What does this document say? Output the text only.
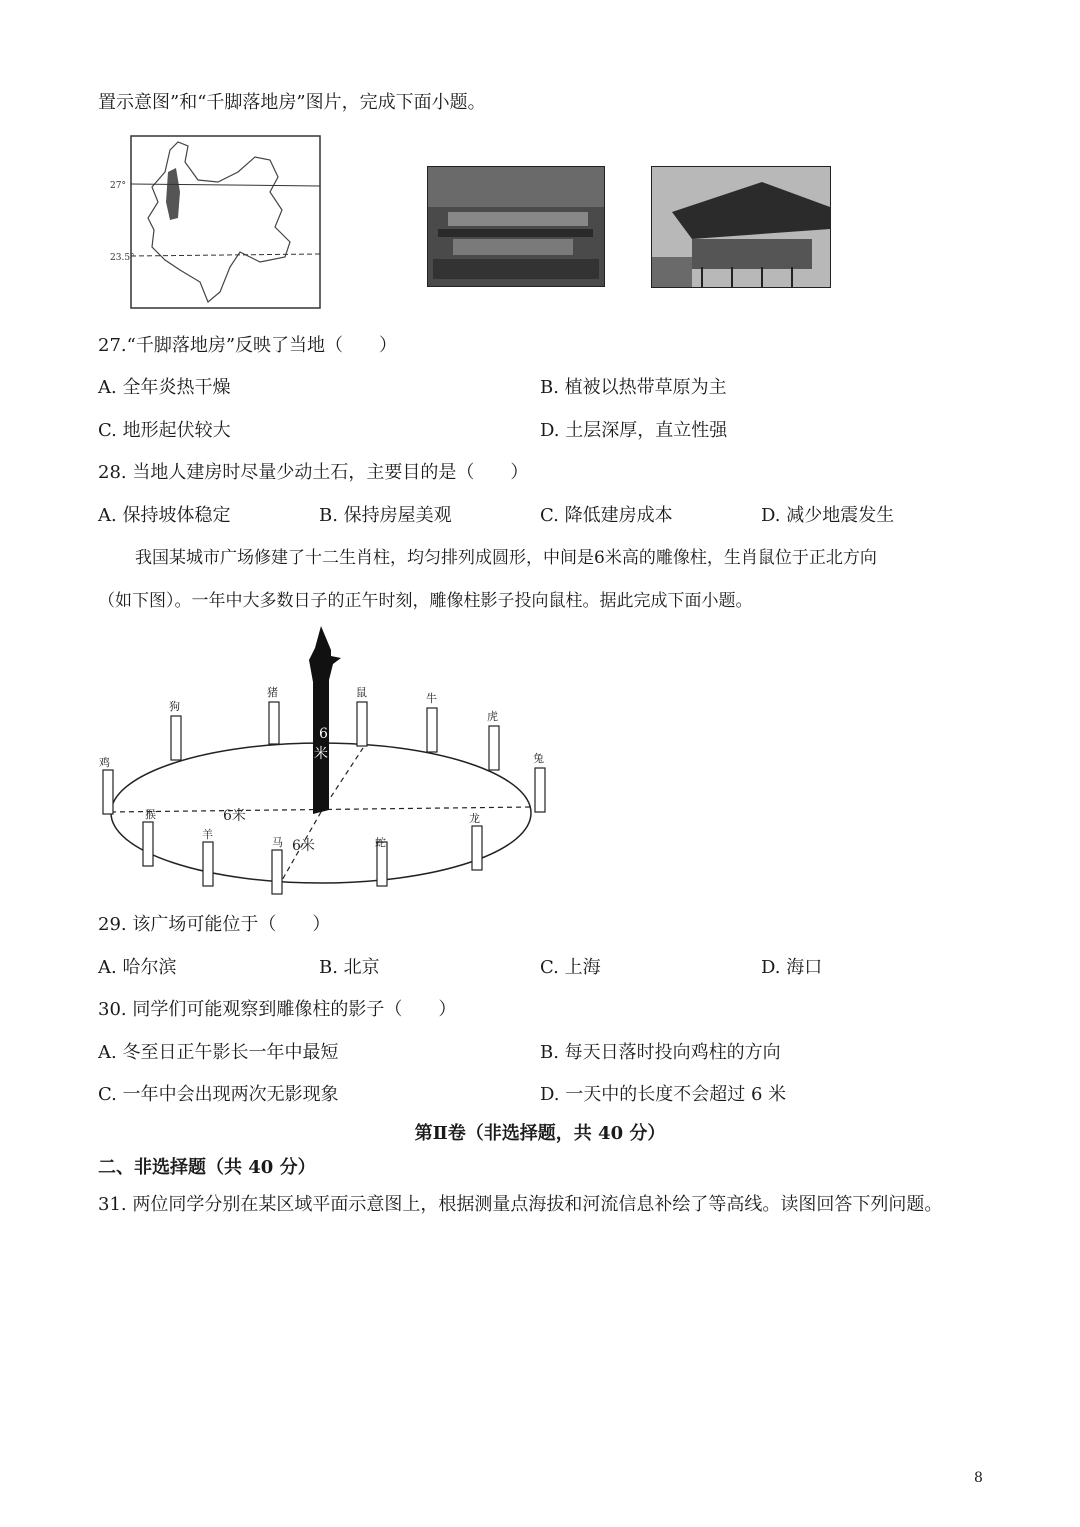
置示意图”和“千脚落地房”图片，完成下面小题。
27°
23.5°
27.“千脚落地房”反映了当地（　　）
A. 全年炎热干燥	B. 植被以热带草原为主
C. 地形起伏较大	D. 土层深厚，直立性强
28. 当地人建房时尽量少动土石，主要目的是（　　）
A. 保持坡体稳定	B. 保持房屋美观	C. 降低建房成本	D. 减少地震发生
我国某城市广场修建了十二生肖柱，均匀排列成圆形，中间是6米高的雕像柱，生肖鼠位于正北方向
（如下图）。一年中大多数日子的正午时刻，雕像柱影子投向鼠柱。据此完成下面小题。
6
米
6米
6米
猪	鼠	牛
狗
虎
鸡	兔
猴
羊
马	蛇
龙
29. 该广场可能位于（　　）
A. 哈尔滨	B. 北京	C. 上海	D. 海口
30. 同学们可能观察到雕像柱的影子（　　）
A. 冬至日正午影长一年中最短	B. 每天日落时投向鸡柱的方向
C. 一年中会出现两次无影现象	D. 一天中的长度不会超过 6 米
第Ⅱ卷（非选择题，共 40 分）
二、非选择题（共 40 分）
31. 两位同学分别在某区域平面示意图上，根据测量点海拔和河流信息补绘了等高线。读图回答下列问题。
8
